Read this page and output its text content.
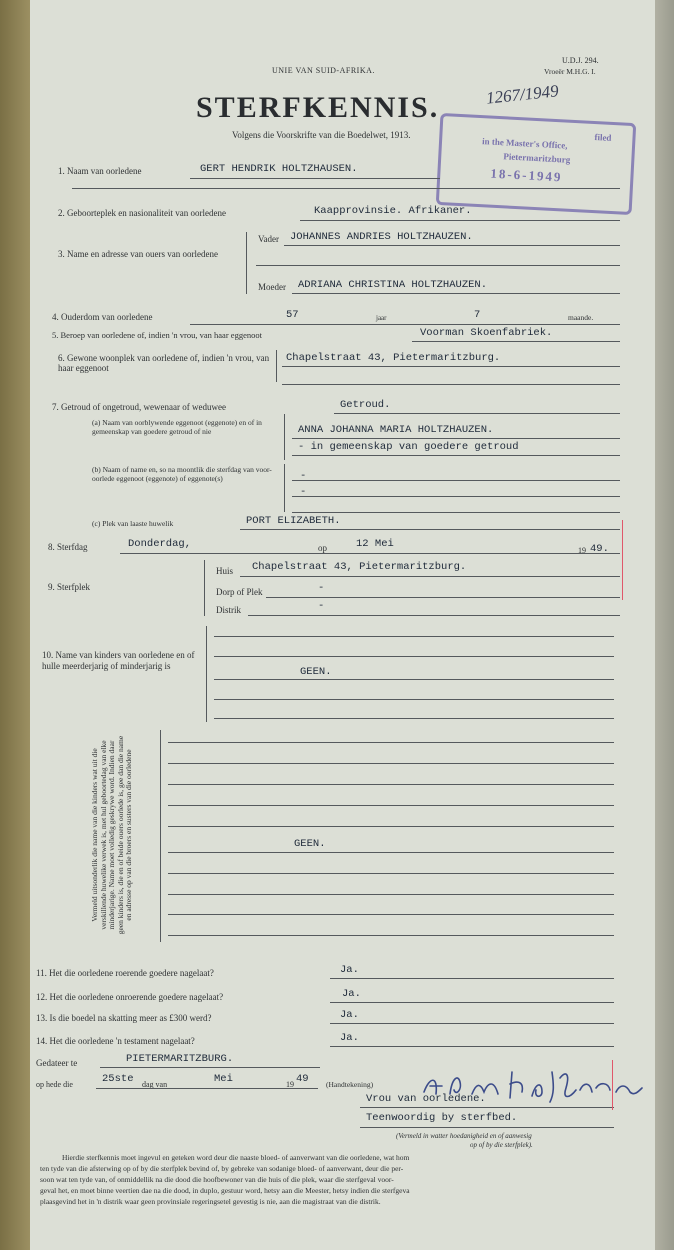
U.D.J. 294.
Vroeër M.H.G. I.
UNIE VAN SUID-AFRIKA.
STERFKENNIS.
Volgens die Voorskrifte van die Boedelwet, 1913.
1267/1949
in the Master's Office,	filed
Pietermaritzburg
18-6-1949
1. Naam van oorledene	GERT HENDRIK HOLTZHAUSEN.
2. Geboorteplek en nasionaliteit van oorledene	Kaapprovinsie. Afrikaner.
3. Name en adresse van ouers van oorledene
Vader JOHANNES ANDRIES HOLTZHAUZEN.
Moeder ADRIANA CHRISTINA HOLTZHAUZEN.
4. Ouderdom van oorledene	57	jaar	7	maande.
5. Beroep van oorledene of, indien 'n vrou, van haar eggenoot	Voorman Skoenfabriek.
6. Gewone woonplek van oorledene of, indien 'n vrou, van haar eggenoot
Chapelstraat 43, Pietermaritzburg.
7. Getroud of ongetroud, wewenaar of weduwee	Getroud.
(a) Naam van oorblywende eggenoot (eggenote) en of in gemeenskap van goedere getroud of nie	ANNA JOHANNA MARIA HOLTZHAUZEN.
- in gemeenskap van goedere getroud
(b) Naam of name en, so na moontlik die sterfdag van voor-oorlede eggenoot (eggenote) of eggenote(s)	-
-
(c) Plek van laaste huwelik	PORT ELIZABETH.
8. Sterfdag	Donderdag,	op	12 Mei
19 49.
9. Sterfplek
Huis Chapelstraat 43, Pietermaritzburg.
Dorp of Plek	-
Distrik	-
10. Name van kinders van oorledene en of hulle meerderjarig of minderjarig is	GEEN.
Vermeld uitsonderlik die name van die kinders wat uit die verskillende huwelike verwek is, met hul geboortedag van elke minderjarige. Name moet volledig geskrywe word. Indien daar geen kinders is, die en of beide ouers oorlede is, gee dan die name en adresse op van die broers en susters van die oorledene	GEEN.
11. Het die oorledene roerende goedere nagelaat?	Ja.
12. Het die oorledene onroerende goedere nagelaat?	Ja.
13. Is die boedel na skatting meer as £300 werd?	Ja.
14. Het die oorledene 'n testament nagelaat?	Ja.
Gedateer te	PIETERMARITZBURG.
op hede die	25ste dag van	Mei	19 49 (Handtekening)
Vrou van oorledene.
Teenwoordig by sterfbed.
(Vermeld in watter hoedanigheid en of aanwesig
op of by die sterfplek).
Hierdie sterfkennis moet ingevul en geteken word deur die naaste bloed- of aanverwant van die oorledene, wat hom
ten tyde van die afsterwing op of by die sterfplek bevind of, by gebreke van sodanige bloed- of aanverwant, deur die per-
soon wat ten tyde van, of onmiddellik na die dood die hoofbewoner van die huis of die plek, waar die sterfgeval voor-
geval het, en moet binne veertien dae na die dood, in duplo, gestuur word, hetsy aan die Meester, hetsy indien die sterfgeva
plaasgevind het in 'n distrik waar geen provinsiale regeringsetel gevestig is nie, aan die magistraat van die distrik.
